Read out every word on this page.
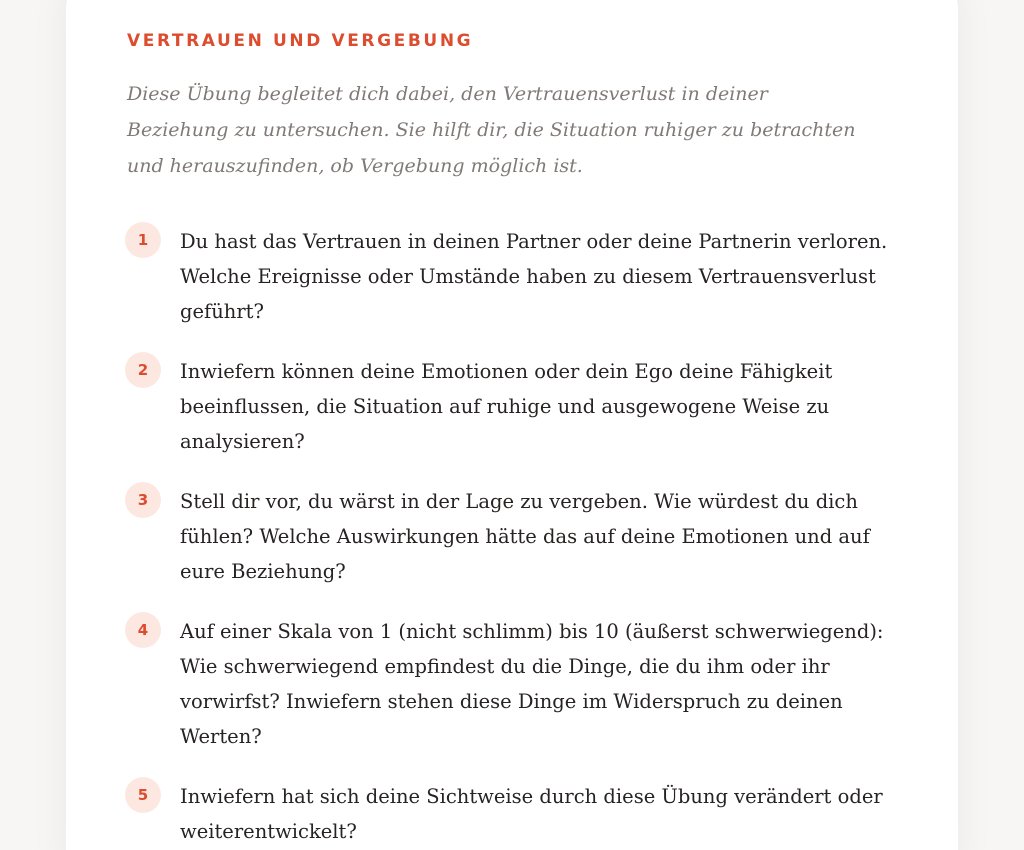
VERTRAUEN UND VERGEBUNG

Diese Übung begleitet dich dabei, den Vertrauensverlust in deiner Beziehung zu untersuchen. Sie hilft dir, die Situation ruhiger zu betrachten und herauszufinden, ob Vergebung möglich ist.

1	Du hast das Vertrauen in deinen Partner oder deine Partnerin verloren. Welche Ereignisse oder Umstände haben zu diesem Vertrauensverlust geführt?
2	Inwiefern können deine Emotionen oder dein Ego deine Fähigkeit beeinflussen, die Situation auf ruhige und ausgewogene Weise zu analysieren?
3	Stell dir vor, du wärst in der Lage zu vergeben. Wie würdest du dich fühlen? Welche Auswirkungen hätte das auf deine Emotionen und auf eure Beziehung?
4	Auf einer Skala von 1 (nicht schlimm) bis 10 (äußerst schwerwiegend): Wie schwerwiegend empfindest du die Dinge, die du ihm oder ihr vorwirfst? Inwiefern stehen diese Dinge im Widerspruch zu deinen Werten?
5	Inwiefern hat sich deine Sichtweise durch diese Übung verändert oder weiterentwickelt?
